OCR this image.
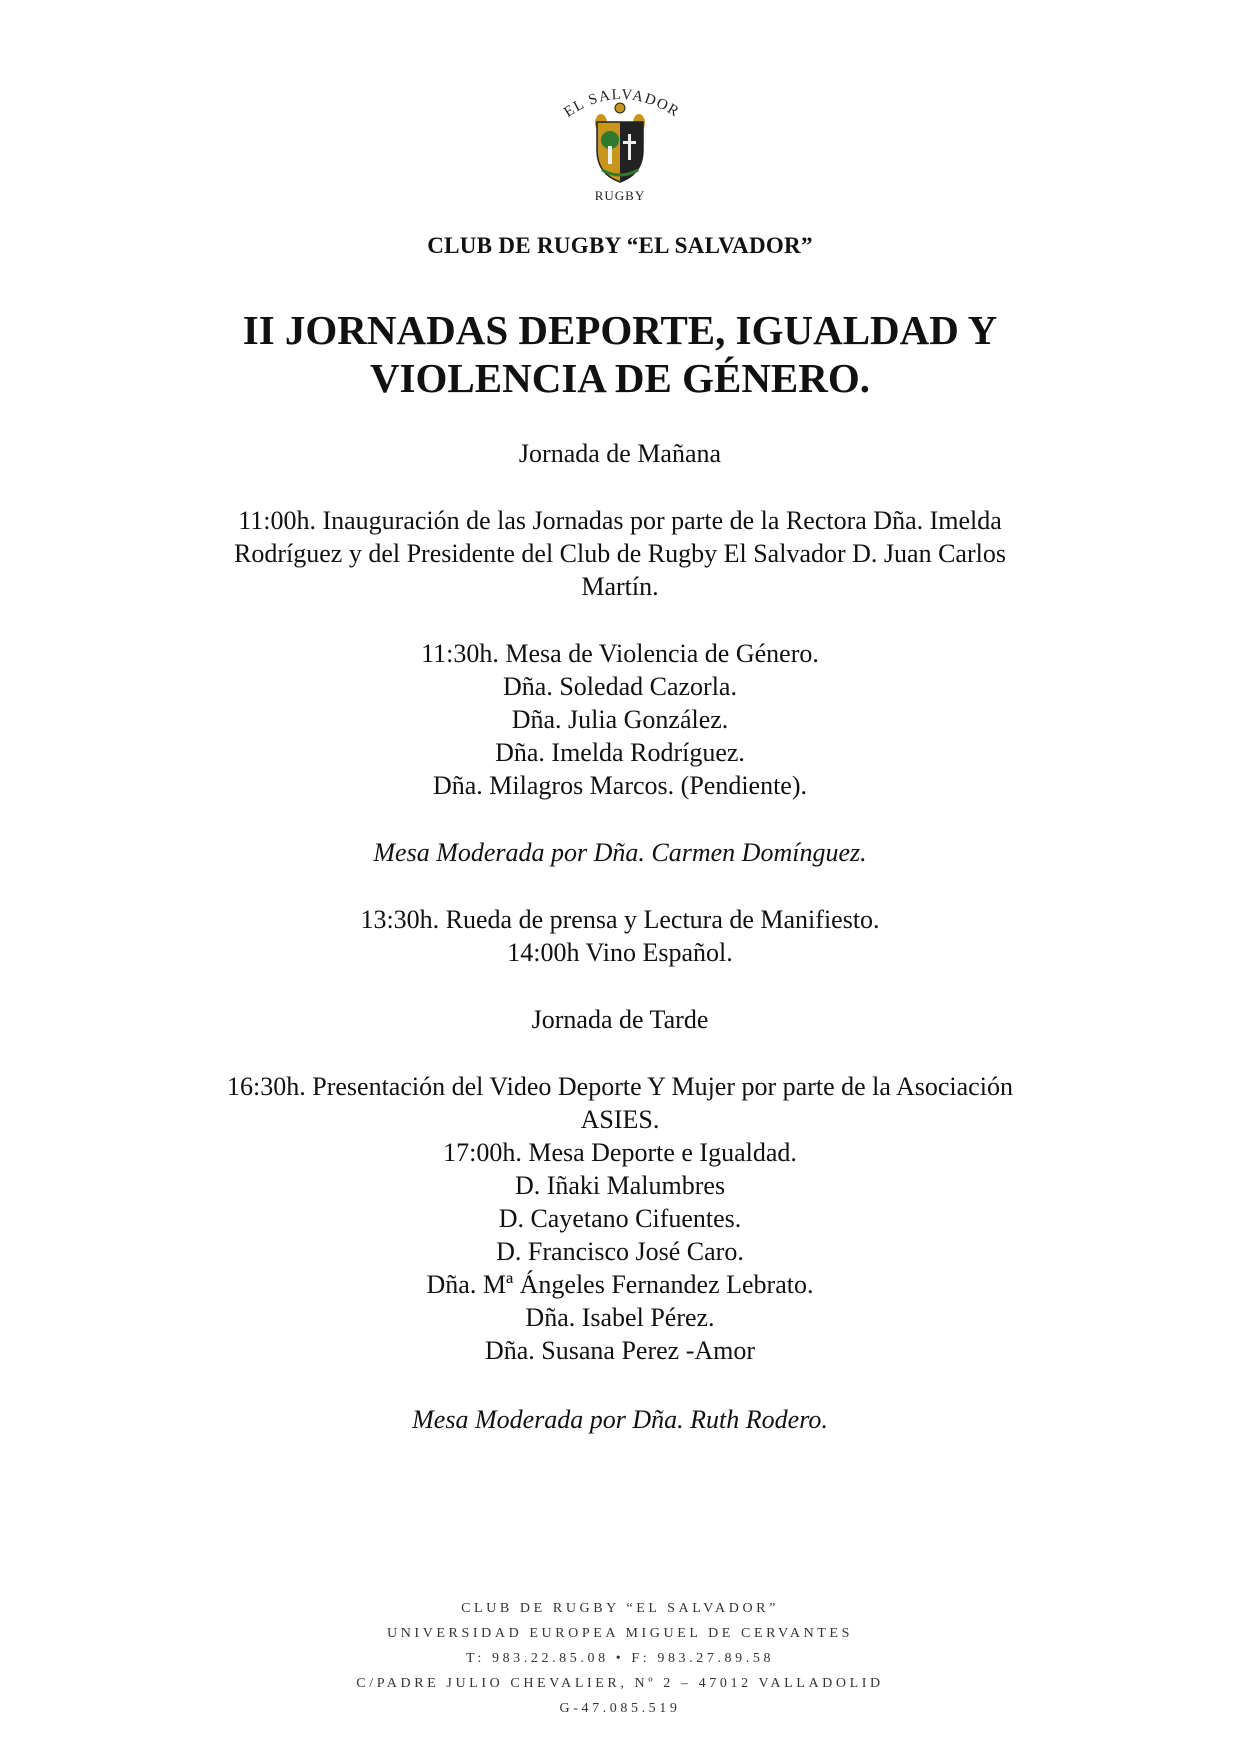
EL SALVADOR
RUGBY
CLUB DE RUGBY “EL SALVADOR”
II JORNADAS DEPORTE, IGUALDAD Y
VIOLENCIA DE GÉNERO.

Jornada de Mañana

11:00h. Inauguración de las Jornadas por parte de la Rectora Dña. Imelda

Rodríguez y del Presidente del Club de Rugby El Salvador D. Juan Carlos

Martín.

11:30h. Mesa de Violencia de Género.

Dña. Soledad Cazorla.

Dña. Julia González.

Dña. Imelda Rodríguez.

Dña. Milagros Marcos. (Pendiente).

Mesa Moderada por Dña. Carmen Domínguez.

13:30h. Rueda de prensa y Lectura de Manifiesto.

14:00h Vino Español.

Jornada de Tarde

16:30h. Presentación del Video Deporte Y Mujer por parte de la Asociación

ASIES.

17:00h. Mesa Deporte e Igualdad.

D. Iñaki Malumbres

D. Cayetano Cifuentes.

D. Francisco José Caro.

Dña. Mª Ángeles Fernandez Lebrato.

Dña. Isabel Pérez.

Dña. Susana Perez -Amor

Mesa Moderada por Dña. Ruth Rodero.

CLUB DE RUGBY “EL SALVADOR”
UNIVERSIDAD EUROPEA MIGUEL DE CERVANTES
T: 983.22.85.08 • F: 983.27.89.58
C/PADRE JULIO CHEVALIER, Nº 2 – 47012 VALLADOLID
G-47.085.519
